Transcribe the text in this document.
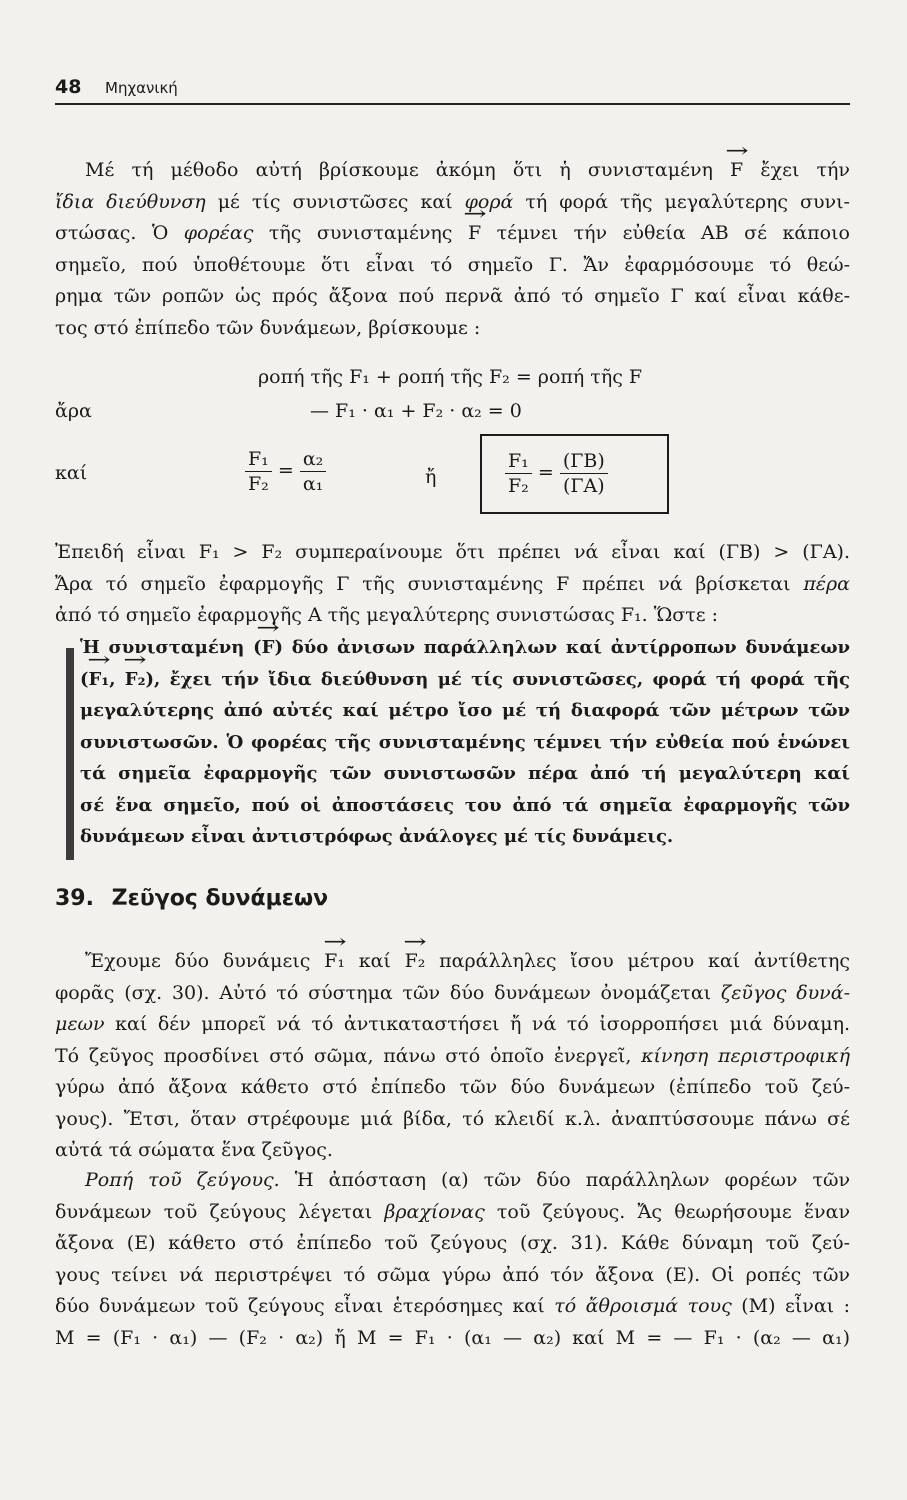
48 Μηχανική
Μέ τή μέθοδο αὐτή βρίσκουμε ἀκόμη ὅτι ἡ συνισταμένη → F ἔχει τήν
ἴδια διεύθυνση μέ τίς συνιστῶσες καί φορά τή φορά τῆς μεγαλύτερης συνι-
στώσας. Ὁ φορέας τῆς συνισταμένης → F τέμνει τήν εὐθεία ΑΒ σέ κάποιο
σημεῖο, πού ὑποθέτουμε ὅτι εἶναι τό σημεῖο Γ. Ἄν ἐφαρμόσουμε τό θεώ-
ρημα τῶν ροπῶν ὡς πρός ἄξονα πού περνᾶ ἀπό τό σημεῖο Γ καί εἶναι κάθε-
τος στό ἐπίπεδο τῶν δυνάμεων, βρίσκουμε :
ροπή τῆς F₁ + ροπή τῆς F₂ = ροπή τῆς F
ἄρα	— F₁ · α₁ + F₂ · α₂ = 0
καί	$\frac{\text{F₁}}{\text{F₂}} = \frac{\text{α₂}}{\text{α₁}}$	ἤ	$\frac{\text{F₁}}{\text{F₂}} = \frac{(\Gamma B)}{(\Gamma A)}$
Ἐπειδή εἶναι F₁ > F₂ συμπεραίνουμε ὅτι πρέπει νά εἶναι καί (ΓΒ) > (ΓΑ).
Ἄρα τό σημεῖο ἐφαρμογῆς Γ τῆς συνισταμένης F πρέπει νά βρίσκεται πέρα
ἀπό τό σημεῖο ἐφαρμογῆς Α τῆς μεγαλύτερης συνιστώσας F₁. Ὥστε :
Ἡ συνισταμένη (→ F) δύο ἀνισων παράλληλων καί ἀντίρροπων δυνάμεων
(→ F₁, → F₂), ἔχει τήν ἴδια διεύθυνση μέ τίς συνιστῶσες, φορά τή φορά τῆς
μεγαλύτερης ἀπό αὐτές καί μέτρο ἴσο μέ τή διαφορά τῶν μέτρων τῶν
συνιστωσῶν. Ὁ φορέας τῆς συνισταμένης τέμνει τήν εὐθεία πού ἑνώνει
τά σημεῖα ἐφαρμογῆς τῶν συνιστωσῶν πέρα ἀπό τή μεγαλύτερη καί
σέ ἕνα σημεῖο, πού οἱ ἀποστάσεις του ἀπό τά σημεῖα ἐφαρμογῆς τῶν
δυνάμεων εἶναι ἀντιστρόφως ἀνάλογες μέ τίς δυνάμεις.
39. Ζεῦγος δυνάμεων
Ἔχουμε δύο δυνάμεις → F₁ καί → F₂ παράλληλες ἴσου μέτρου καί ἀντίθετης
φορᾶς (σχ. 30). Αὐτό τό σύστημα τῶν δύο δυνάμεων ὀνομάζεται ζεῦγος δυνά-
μεων καί δέν μπορεῖ νά τό ἀντικαταστήσει ἤ νά τό ἰσορροπήσει μιά δύναμη.
Τό ζεῦγος προσδίνει στό σῶμα, πάνω στό ὁποῖο ἐνεργεῖ, κίνηση περιστροφική
γύρω ἀπό ἄξονα κάθετο στό ἐπίπεδο τῶν δύο δυνάμεων (ἐπίπεδο τοῦ ζεύ-
γους). Ἔτσι, ὅταν στρέφουμε μιά βίδα, τό κλειδί κ.λ. ἀναπτύσσουμε πάνω σέ
αὐτά τά σώματα ἕνα ζεῦγος.
Ροπή τοῦ ζεύγους. Ἡ ἀπόσταση (α) τῶν δύο παράλληλων φορέων τῶν
δυνάμεων τοῦ ζεύγους λέγεται βραχίονας τοῦ ζεύγους. Ἄς θεωρήσουμε ἕναν
ἄξονα (Ε) κάθετο στό ἐπίπεδο τοῦ ζεύγους (σχ. 31). Κάθε δύναμη τοῦ ζεύ-
γους τείνει νά περιστρέψει τό σῶμα γύρω ἀπό τόν ἄξονα (Ε). Οἱ ροπές τῶν
δύο δυνάμεων τοῦ ζεύγους εἶναι ἑτερόσημες καί τό ἄθροισμά τους (Μ) εἶναι :
M = (F₁ · α₁) — (F₂ · α₂) ἤ M = F₁ · (α₁ — α₂) καί M = — F₁ · (α₂ — α₁)
